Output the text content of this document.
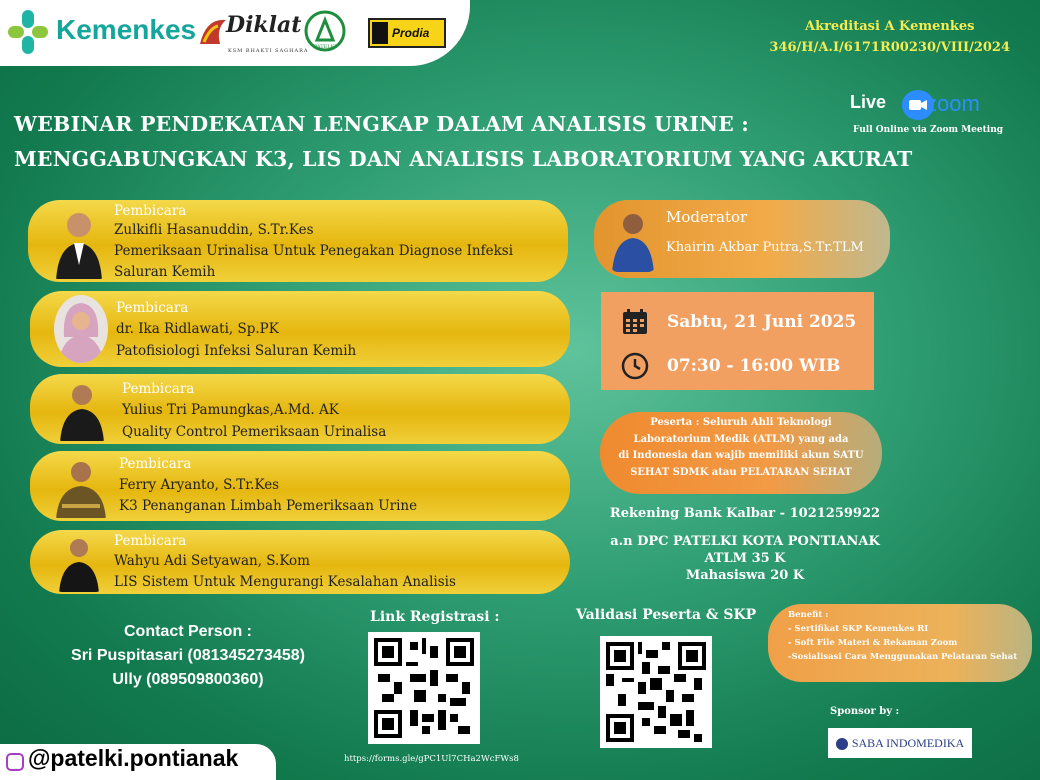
Kemenkes	Diklat
KSM BHAKTI SAGHARA
PATELKI
Prodia	Akreditasi A Kemenkes
346/H/A.I/6171R00230/VIII/2024
Live zoom
Full Online via Zoom Meeting
WEBINAR PENDEKATAN LENGKAP DALAM ANALISIS URINE :
MENGGABUNGKAN K3, LIS DAN ANALISIS LABORATORIUM YANG AKURAT
Pembicara
Zulkifli Hasanuddin, S.Tr.Kes
Pemeriksaan Urinalisa Untuk Penegakan Diagnose Infeksi
Saluran Kemih
Pembicara
dr. Ika Ridlawati, Sp.PK
Patofisiologi Infeksi Saluran Kemih
Pembicara
Yulius Tri Pamungkas,A.Md. AK
Quality Control Pemeriksaan Urinalisa
Pembicara
Ferry Aryanto, S.Tr.Kes
K3 Penanganan Limbah Pemeriksaan Urine
Pembicara
Wahyu Adi Setyawan, S.Kom
LIS Sistem Untuk Mengurangi Kesalahan Analisis
Moderator
Khairin Akbar Putra,S.Tr.TLM
Sabtu, 21 Juni 2025
07:30 - 16:00 WIB
Peserta : Seluruh Ahli Teknologi
Laboratorium Medik (ATLM) yang ada
di Indonesia dan wajib memiliki akun SATU
SEHAT SDMK atau PELATARAN SEHAT
Rekening Bank Kalbar - 1021259922
a.n DPC PATELKI KOTA PONTIANAK
ATLM 35 K
Mahasiswa 20 K
Contact Person :
Sri Puspitasari (081345273458)
Ully (089509800360)
Link Registrasi :
https://forms.gle/gPC1Ul7CHa2WcFWs8
Validasi Peserta & SKP	Benefit :
- Sertifikat SKP Kemenkes RI
- Soft File Materi & Rekaman Zoom
-Sosialisasi Cara Menggunakan Pelataran Sehat
Sponsor by :
SABA INDOMEDIKA
@patelki.pontianak
